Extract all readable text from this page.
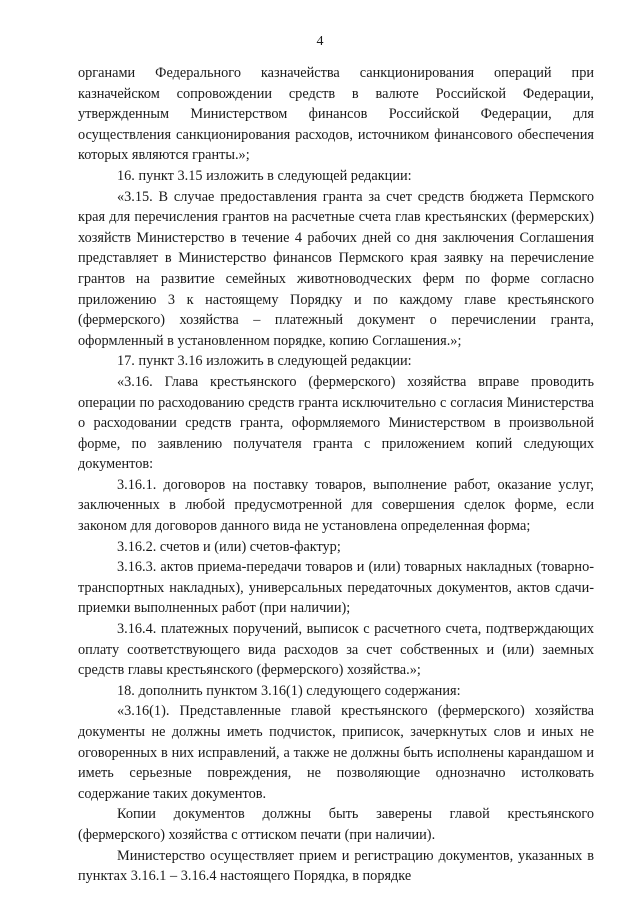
4

органами Федерального казначейства санкционирования операций при казначейском сопровождении средств в валюте Российской Федерации, утвержденным Министерством финансов Российской Федерации, для осуществления санкционирования расходов, источником финансового обеспечения которых являются гранты.»;

16. пункт 3.15 изложить в следующей редакции:

«3.15. В случае предоставления гранта за счет средств бюджета Пермского края для перечисления грантов на расчетные счета глав крестьянских (фермерских) хозяйств Министерство в течение 4 рабочих дней со дня заключения Соглашения представляет в Министерство финансов Пермского края заявку на перечисление грантов на развитие семейных животноводческих ферм по форме согласно приложению 3 к настоящему Порядку и по каждому главе крестьянского (фермерского) хозяйства – платежный документ о перечислении гранта, оформленный в установленном порядке, копию Соглашения.»;

17. пункт 3.16 изложить в следующей редакции:

«3.16. Глава крестьянского (фермерского) хозяйства вправе проводить операции по расходованию средств гранта исключительно с согласия Министерства о расходовании средств гранта, оформляемого Министерством в произвольной форме, по заявлению получателя гранта с приложением копий следующих документов:

3.16.1. договоров на поставку товаров, выполнение работ, оказание услуг, заключенных в любой предусмотренной для совершения сделок форме, если законом для договоров данного вида не установлена определенная форма;

3.16.2. счетов и (или) счетов-фактур;

3.16.3. актов приема-передачи товаров и (или) товарных накладных (товарно-транспортных накладных), универсальных передаточных документов, актов сдачи-приемки выполненных работ (при наличии);

3.16.4. платежных поручений, выписок с расчетного счета, подтверждающих оплату соответствующего вида расходов за счет собственных и (или) заемных средств главы крестьянского (фермерского) хозяйства.»;

18. дополнить пунктом 3.16(1) следующего содержания:

«3.16(1). Представленные главой крестьянского (фермерского) хозяйства документы не должны иметь подчисток, приписок, зачеркнутых слов и иных не оговоренных в них исправлений, а также не должны быть исполнены карандашом и иметь серьезные повреждения, не позволяющие однозначно истолковать содержание таких документов.

Копии документов должны быть заверены главой крестьянского (фермерского) хозяйства с оттиском печати (при наличии).

Министерство осуществляет прием и регистрацию документов, указанных в пунктах 3.16.1 – 3.16.4 настоящего Порядка, в порядке
